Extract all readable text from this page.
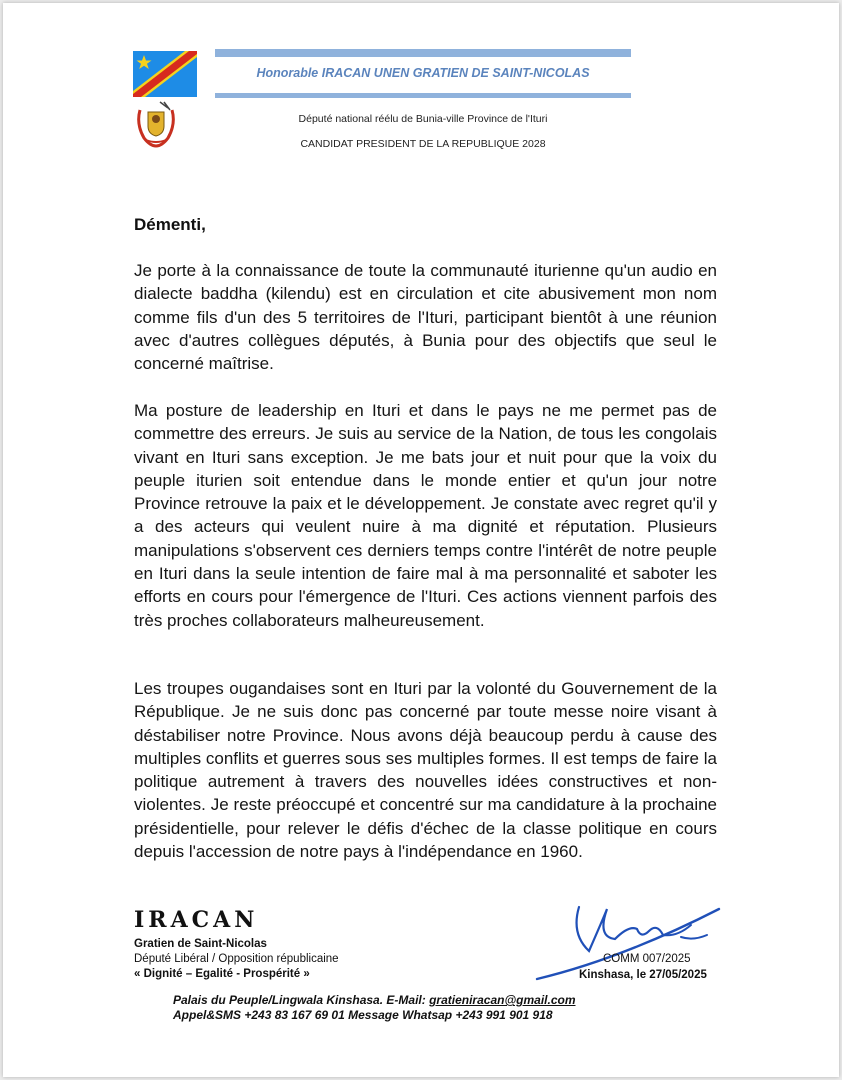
Honorable IRACAN UNEN GRATIEN DE SAINT-NICOLAS
Député national réélu de Bunia-ville Province de l'Ituri
CANDIDAT PRESIDENT DE LA REPUBLIQUE 2028
Démenti,

Je porte à la connaissance de toute la communauté iturienne qu'un audio en dialecte baddha (kilendu) est en circulation et cite abusivement mon nom comme fils d'un des 5 territoires de l'Ituri, participant bientôt à une réunion avec d'autres collègues députés, à Bunia pour des objectifs que seul le concerné maîtrise.

Ma posture de leadership en Ituri et dans le pays ne me permet pas de commettre des erreurs. Je suis au service de la Nation, de tous les congolais vivant en Ituri sans exception. Je me bats jour et nuit pour que la voix du peuple iturien soit entendue dans le monde entier et qu'un jour notre Province retrouve la paix et le développement. Je constate avec regret qu'il y a des acteurs qui veulent nuire à ma dignité et réputation. Plusieurs manipulations s'observent ces derniers temps contre l'intérêt de notre peuple en Ituri dans la seule intention de faire mal à ma personnalité et saboter les efforts en cours pour l'émergence de l'Ituri. Ces actions viennent parfois des très proches collaborateurs malheureusement.

Les troupes ougandaises sont en Ituri par la volonté du Gouvernement de la République. Je ne suis donc pas concerné par toute messe noire visant à déstabiliser notre Province. Nous avons déjà beaucoup perdu à cause des multiples conflits et guerres sous ses multiples formes. Il est temps de faire la politique autrement à travers des nouvelles idées constructives et non-violentes. Je reste préoccupé et concentré sur ma candidature à la prochaine présidentielle, pour relever le défis d'échec de la classe politique en cours depuis l'accession de notre pays à l'indépendance en 1960.

IRACAN
Gratien de Saint-Nicolas
Député Libéral / Opposition républicaine
« Dignité – Egalité - Prospérité »
COMM 007/2025
Kinshasa, le 27/05/2025
Palais du Peuple/Lingwala Kinshasa. E-Mail: gratieniracan@gmail.com
Appel&SMS +243 83 167 69 01 Message Whatsap +243 991 901 918
